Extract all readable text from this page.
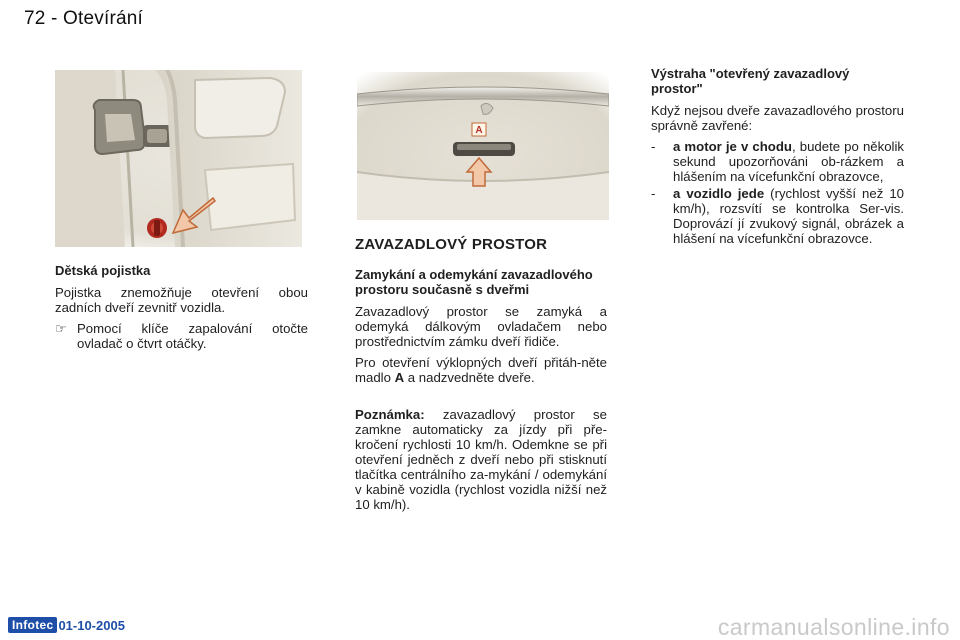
72 - Otevírání
A
Dětská pojistka

Pojistka znemožňuje otevření obou zadních dveří zevnitř vozidla.

☞ Pomocí klíče zapalování otočte ovladač o čtvrt otáčky.
ZAVAZADLOVÝ PROSTOR
Zamykání a odemykání zavazadlového prostoru současně s dveřmi

Zavazadlový prostor se zamyká a odemyká dálkovým ovladačem nebo prostřednictvím zámku dveří řidiče.

Pro otevření výklopných dveří přitáh-něte madlo A a nadzvedněte dveře.

Poznámka: zavazadlový prostor se zamkne automaticky za jízdy při pře-kročení rychlosti 10 km/h. Odemkne se při otevření jedněch z dveří nebo při stisknutí tlačítka centrálního za-mykání / odemykání v kabině vozidla (rychlost vozidla nižší než 10 km/h).

Výstraha "otevřený zavazadlový prostor"

Když nejsou dveře zavazadlového prostoru správně zavřené:

-	a motor je v chodu, budete po několik sekund upozorňováni ob-rázkem a hlášením na vícefunkční obrazovce,
-	a vozidlo jede (rychlost vyšší než 10 km/h), rozsvítí se kontrolka Ser-vis. Doprovází jí zvukový signál, obrázek a hlášení na vícefunkční obrazovce.
Infotec 01-10-2005	carmanualsonline.info
